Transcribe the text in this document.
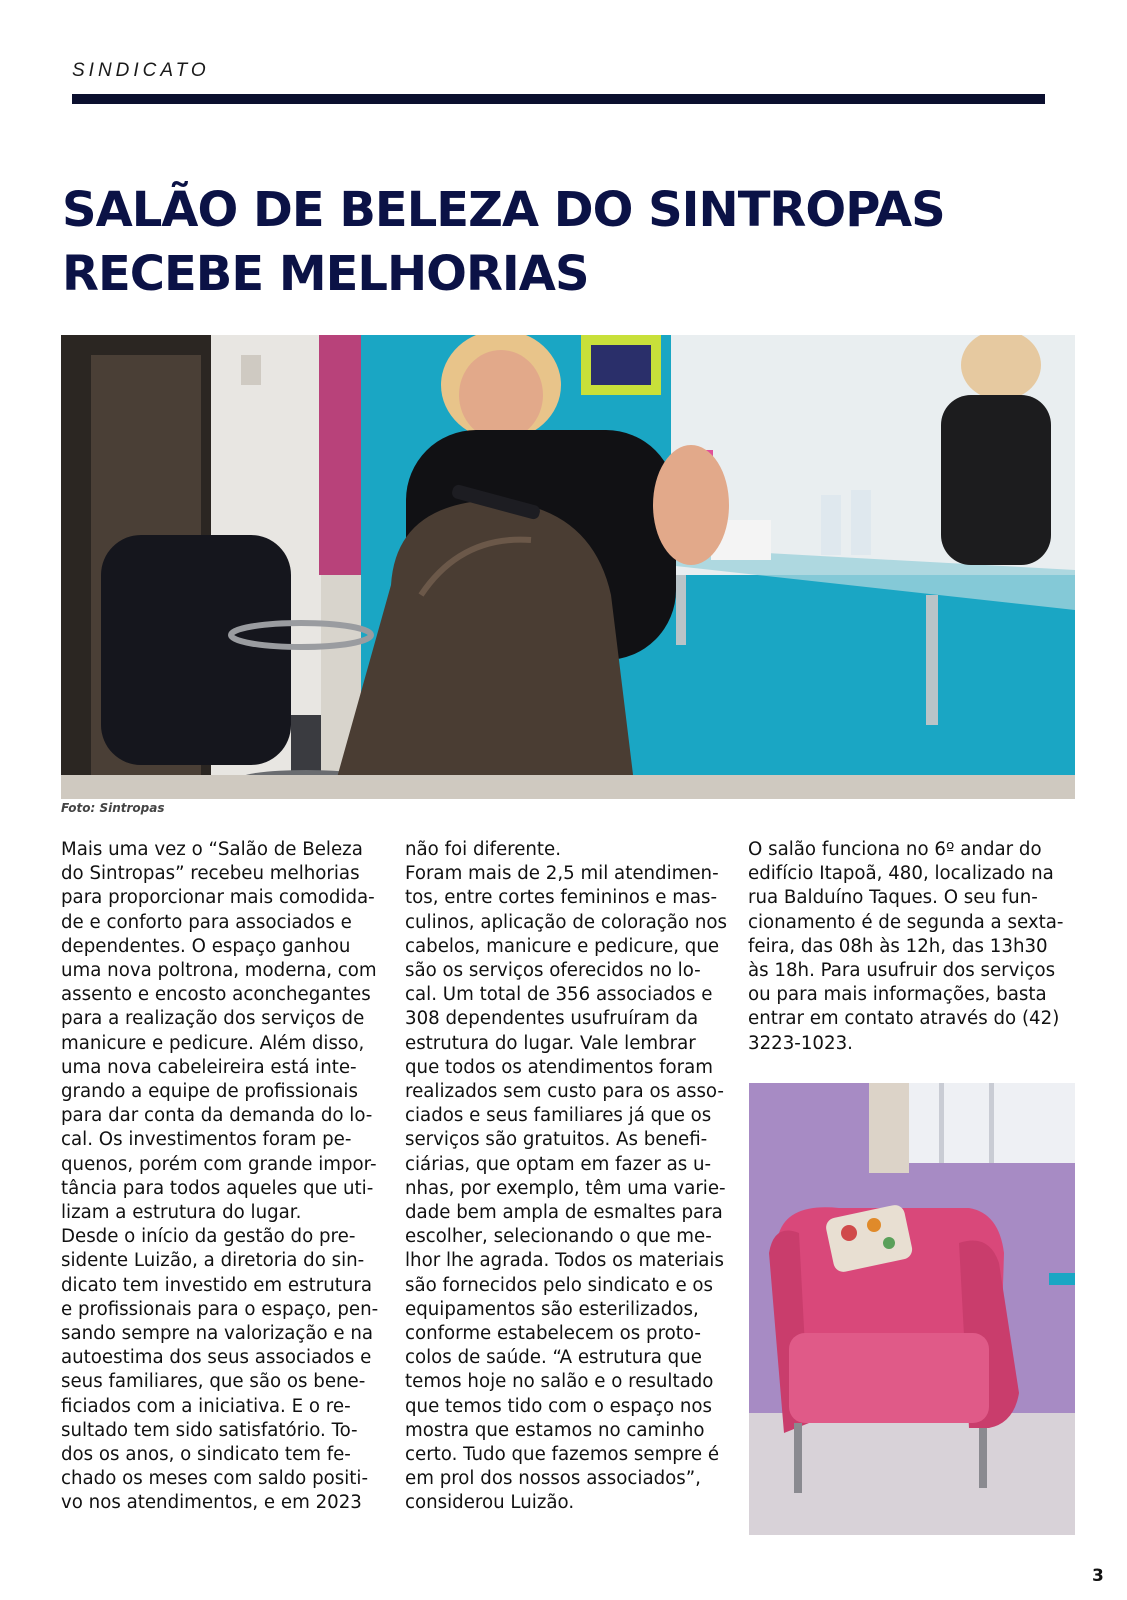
SINDICATO
SALÃO DE BELEZA DO SINTROPAS RECEBE MELHORIAS
Foto: Sintropas
Mais uma vez o “Salão de Beleza
do Sintropas” recebeu melhorias
para proporcionar mais comodida-
de e conforto para associados e
dependentes. O espaço ganhou
uma nova poltrona, moderna, com
assento e encosto aconchegantes
para a realização dos serviços de
manicure e pedicure. Além disso,
uma nova cabeleireira está inte-
grando a equipe de profissionais
para dar conta da demanda do lo-
cal. Os investimentos foram pe-
quenos, porém com grande impor-
tância para todos aqueles que uti-
lizam a estrutura do lugar.
Desde o início da gestão do pre-
sidente Luizão, a diretoria do sin-
dicato tem investido em estrutura
e profissionais para o espaço, pen-
sando sempre na valorização e na
autoestima dos seus associados e
seus familiares, que são os bene-
ficiados com a iniciativa. E o re-
sultado tem sido satisfatório. To-
dos os anos, o sindicato tem fe-
chado os meses com saldo positi-
vo nos atendimentos, e em 2023
não foi diferente.
Foram mais de 2,5 mil atendimen-
tos, entre cortes femininos e mas-
culinos, aplicação de coloração nos
cabelos, manicure e pedicure, que
são os serviços oferecidos no lo-
cal. Um total de 356 associados e
308 dependentes usufruíram da
estrutura do lugar. Vale lembrar
que todos os atendimentos foram
realizados sem custo para os asso-
ciados e seus familiares já que os
serviços são gratuitos. As benefi-
ciárias, que optam em fazer as u-
nhas, por exemplo, têm uma varie-
dade bem ampla de esmaltes para
escolher, selecionando o que me-
lhor lhe agrada. Todos os materiais
são fornecidos pelo sindicato e os
equipamentos são esterilizados,
conforme estabelecem os proto-
colos de saúde. “A estrutura que
temos hoje no salão e o resultado
que temos tido com o espaço nos
mostra que estamos no caminho
certo. Tudo que fazemos sempre é
em prol dos nossos associados”,
considerou Luizão.
O salão funciona no 6º andar do
edifício Itapoã, 480, localizado na
rua Balduíno Taques. O seu fun-
cionamento é de segunda a sexta-
feira, das 08h às 12h, das 13h30
às 18h. Para usufruir dos serviços
ou para mais informações, basta
entrar em contato através do (42)
3223-1023.
3
